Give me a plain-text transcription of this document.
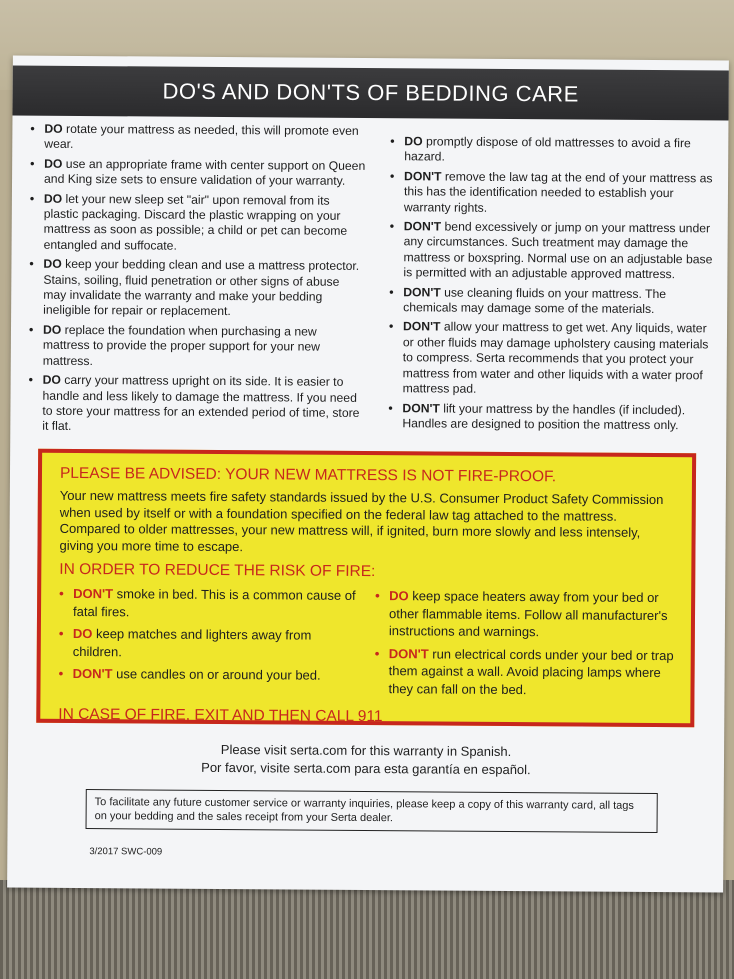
DO'S AND DON'TS OF BEDDING CARE
• DO rotate your mattress as needed, this will promote even wear.
• DO use an appropriate frame with center support on Queen and King size sets to ensure validation of your warranty.
• DO let your new sleep set "air" upon removal from its plastic packaging. Discard the plastic wrapping on your mattress as soon as possible; a child or pet can become entangled and suffocate.
• DO keep your bedding clean and use a mattress protector. Stains, soiling, fluid penetration or other signs of abuse may invalidate the warranty and make your bedding ineligible for repair or replacement.
• DO replace the foundation when purchasing a new mattress to provide the proper support for your new mattress.
• DO carry your mattress upright on its side. It is easier to handle and less likely to damage the mattress. If you need to store your mattress for an extended period of time, store it flat.
• DO promptly dispose of old mattresses to avoid a fire hazard.
• DON'T remove the law tag at the end of your mattress as this has the identification needed to establish your warranty rights.
• DON'T bend excessively or jump on your mattress under any circumstances. Such treatment may damage the mattress or boxspring. Normal use on an adjustable base is permitted with an adjustable approved mattress.
• DON'T use cleaning fluids on your mattress. The chemicals may damage some of the materials.
• DON'T allow your mattress to get wet. Any liquids, water or other fluids may damage upholstery causing materials to compress. Serta recommends that you protect your mattress from water and other liquids with a water proof mattress pad.
• DON'T lift your mattress by the handles (if included). Handles are designed to position the mattress only.
PLEASE BE ADVISED: YOUR NEW MATTRESS IS NOT FIRE-PROOF.
Your new mattress meets fire safety standards issued by the U.S. Consumer Product Safety Commission when used by itself or with a foundation specified on the federal law tag attached to the mattress. Compared to older mattresses, your new mattress will, if ignited, burn more slowly and less intensely, giving you more time to escape.
IN ORDER TO REDUCE THE RISK OF FIRE:
• DON'T smoke in bed. This is a common cause of fatal fires.
• DO keep matches and lighters away from children.
• DON'T use candles on or around your bed.
• DO keep space heaters away from your bed or other flammable items. Follow all manufacturer's instructions and warnings.
• DON'T run electrical cords under your bed or trap them against a wall. Avoid placing lamps where they can fall on the bed.
IN CASE OF FIRE, EXIT AND THEN CALL 911
Please visit serta.com for this warranty in Spanish.
Por favor, visite serta.com para esta garantía en español.
To facilitate any future customer service or warranty inquiries, please keep a copy of this warranty card, all tags on your bedding and the sales receipt from your Serta dealer.
3/2017 SWC-009
